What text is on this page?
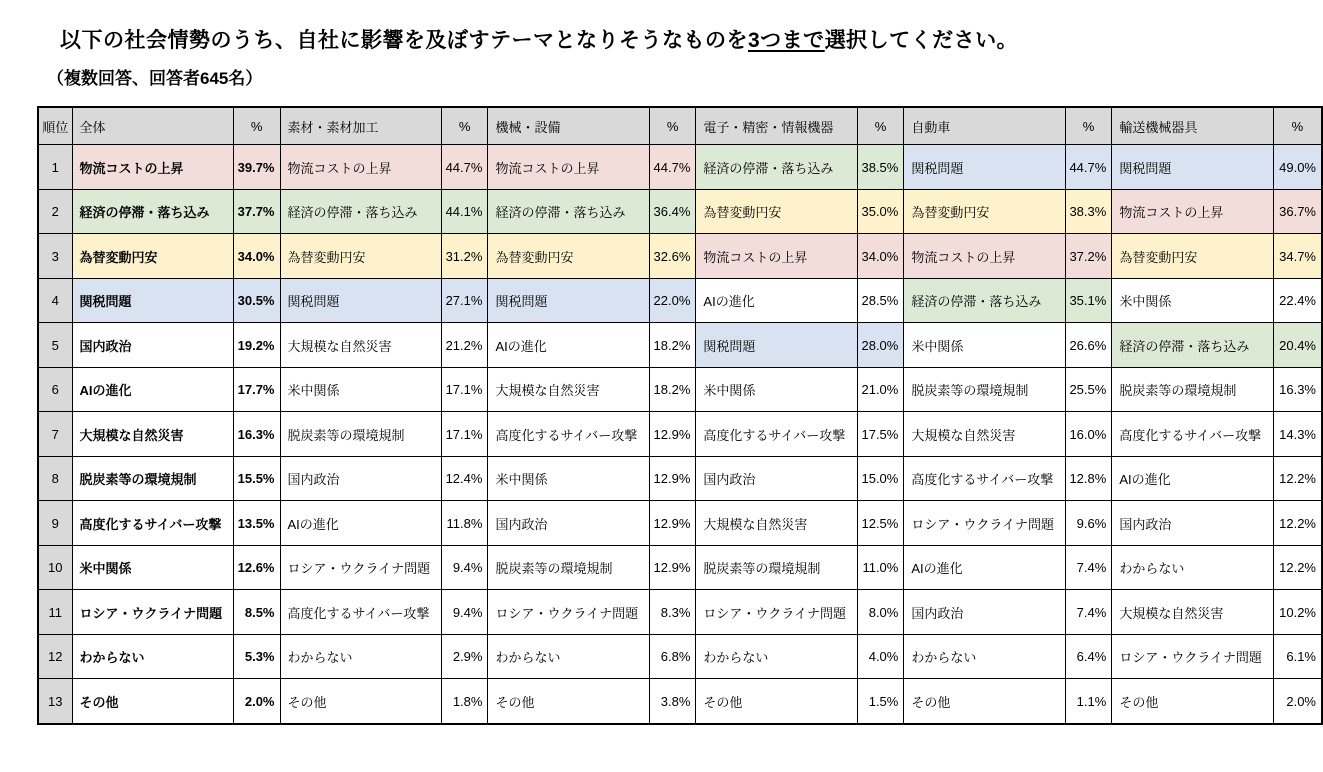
以下の社会情勢のうち、自社に影響を及ぼすテーマとなりそうなものを3つまで選択してください。
（複数回答、回答者645名）
順位	全体	%	素材・素材加工	%	機械・設備	%	電子・精密・情報機器	%	自動車	%	輸送機械器具	%
1	物流コストの上昇	39.7%	物流コストの上昇	44.7%	物流コストの上昇	44.7%	経済の停滞・落ち込み	38.5%	関税問題	44.7%	関税問題	49.0%
2	経済の停滞・落ち込み	37.7%	経済の停滞・落ち込み	44.1%	経済の停滞・落ち込み	36.4%	為替変動円安	35.0%	為替変動円安	38.3%	物流コストの上昇	36.7%
3	為替変動円安	34.0%	為替変動円安	31.2%	為替変動円安	32.6%	物流コストの上昇	34.0%	物流コストの上昇	37.2%	為替変動円安	34.7%
4	関税問題	30.5%	関税問題	27.1%	関税問題	22.0%	AIの進化	28.5%	経済の停滞・落ち込み	35.1%	米中関係	22.4%
5	国内政治	19.2%	大規模な自然災害	21.2%	AIの進化	18.2%	関税問題	28.0%	米中関係	26.6%	経済の停滞・落ち込み	20.4%
6	AIの進化	17.7%	米中関係	17.1%	大規模な自然災害	18.2%	米中関係	21.0%	脱炭素等の環境規制	25.5%	脱炭素等の環境規制	16.3%
7	大規模な自然災害	16.3%	脱炭素等の環境規制	17.1%	高度化するサイバー攻撃	12.9%	高度化するサイバー攻撃	17.5%	大規模な自然災害	16.0%	高度化するサイバー攻撃	14.3%
8	脱炭素等の環境規制	15.5%	国内政治	12.4%	米中関係	12.9%	国内政治	15.0%	高度化するサイバー攻撃	12.8%	AIの進化	12.2%
9	高度化するサイバー攻撃	13.5%	AIの進化	11.8%	国内政治	12.9%	大規模な自然災害	12.5%	ロシア・ウクライナ問題	9.6%	国内政治	12.2%
10	米中関係	12.6%	ロシア・ウクライナ問題	9.4%	脱炭素等の環境規制	12.9%	脱炭素等の環境規制	11.0%	AIの進化	7.4%	わからない	12.2%
11	ロシア・ウクライナ問題	8.5%	高度化するサイバー攻撃	9.4%	ロシア・ウクライナ問題	8.3%	ロシア・ウクライナ問題	8.0%	国内政治	7.4%	大規模な自然災害	10.2%
12	わからない	5.3%	わからない	2.9%	わからない	6.8%	わからない	4.0%	わからない	6.4%	ロシア・ウクライナ問題	6.1%
13	その他	2.0%	その他	1.8%	その他	3.8%	その他	1.5%	その他	1.1%	その他	2.0%
